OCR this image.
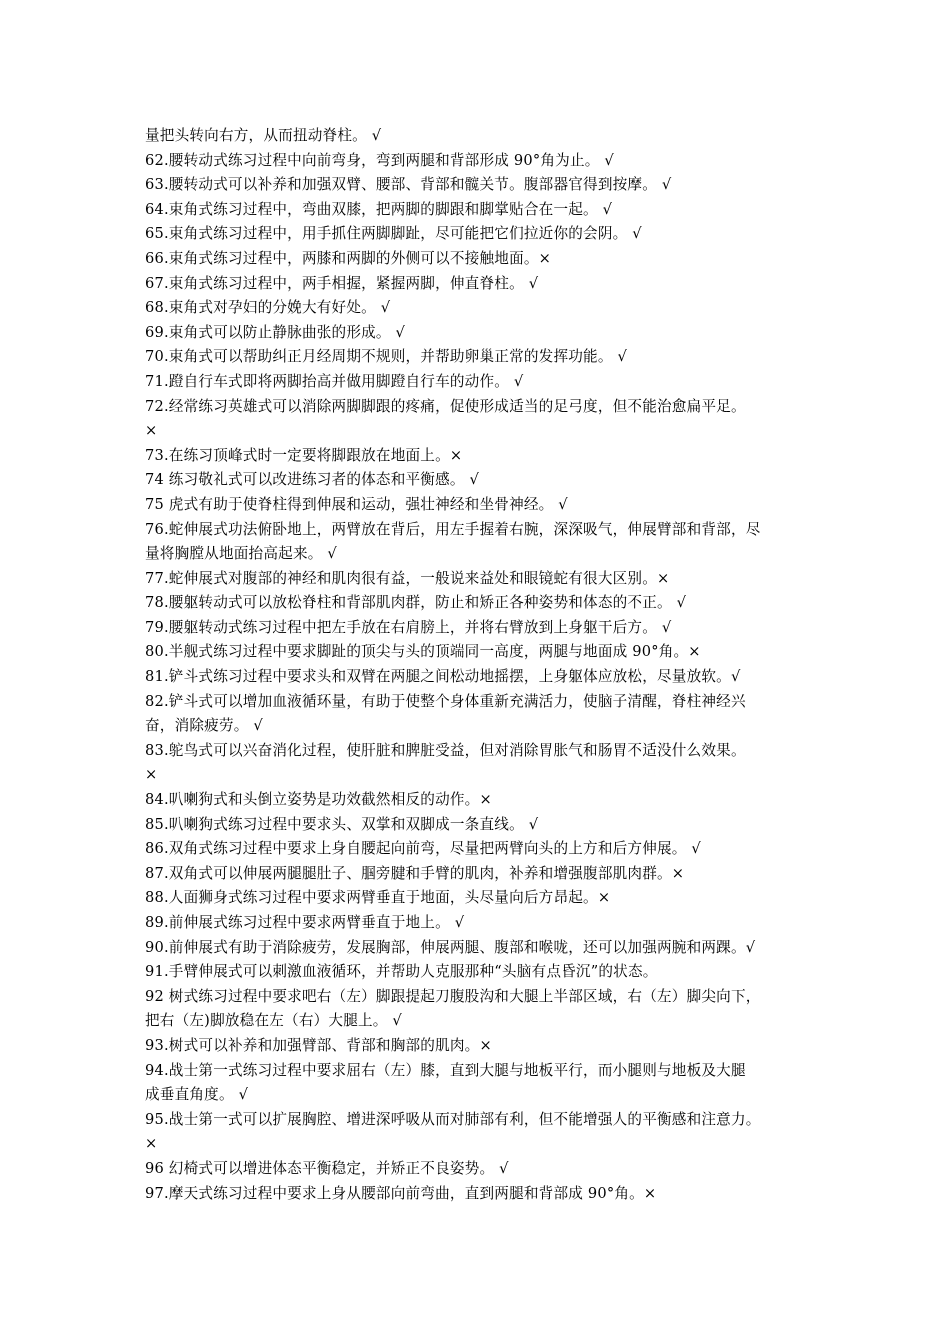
量把头转向右方，从而扭动脊柱。 √

62.腰转动式练习过程中向前弯身，弯到两腿和背部形成 90°角为止。 √

63.腰转动式可以补养和加强双臂、腰部、背部和髋关节。腹部器官得到按摩。 √

64.束角式练习过程中，弯曲双膝，把两脚的脚跟和脚掌贴合在一起。 √

65.束角式练习过程中，用手抓住两脚脚趾，尽可能把它们拉近你的会阴。 √

66.束角式练习过程中，两膝和两脚的外侧可以不接触地面。×

67.束角式练习过程中，两手相握，紧握两脚，伸直脊柱。 √

68.束角式对孕妇的分娩大有好处。 √

69.束角式可以防止静脉曲张的形成。 √

70.束角式可以帮助纠正月经周期不规则，并帮助卵巢正常的发挥功能。 √

71.蹬自行车式即将两脚抬高并做用脚蹬自行车的动作。 √

72.经常练习英雄式可以消除两脚脚跟的疼痛，促使形成适当的足弓度，但不能治愈扁平足。

×

73.在练习顶峰式时一定要将脚跟放在地面上。×

74 练习敬礼式可以改进练习者的体态和平衡感。 √

75 虎式有助于使脊柱得到伸展和运动，强壮神经和坐骨神经。 √

76.蛇伸展式功法俯卧地上，两臂放在背后，用左手握着右腕，深深吸气，伸展臂部和背部，尽

量将胸膛从地面抬高起来。 √

77.蛇伸展式对腹部的神经和肌肉很有益，一般说来益处和眼镜蛇有很大区别。×

78.腰躯转动式可以放松脊柱和背部肌肉群，防止和矫正各种姿势和体态的不正。 √

79.腰躯转动式练习过程中把左手放在右肩膀上，并将右臂放到上身躯干后方。 √

80.半舰式练习过程中要求脚趾的顶尖与头的顶端同一高度，两腿与地面成 90°角。×

81.铲斗式练习过程中要求头和双臂在两腿之间松动地摇摆，上身躯体应放松，尽量放软。√

82.铲斗式可以增加血液循环量，有助于使整个身体重新充满活力，使脑子清醒，脊柱神经兴

奋，消除疲劳。 √

83.鸵鸟式可以兴奋消化过程，使肝脏和脾脏受益，但对消除胃胀气和肠胃不适没什么效果。

×

84.叭喇狗式和头倒立姿势是功效截然相反的动作。×

85.叭喇狗式练习过程中要求头、双掌和双脚成一条直线。 √

86.双角式练习过程中要求上身自腰起向前弯，尽量把两臂向头的上方和后方伸展。 √

87.双角式可以伸展两腿腿肚子、腘旁腱和手臂的肌肉，补养和增强腹部肌肉群。×

88.人面狮身式练习过程中要求两臂垂直于地面，头尽量向后方昂起。×

89.前伸展式练习过程中要求两臂垂直于地上。 √

90.前伸展式有助于消除疲劳，发展胸部，伸展两腿、腹部和喉咙，还可以加强两腕和两踝。√

91.手臂伸展式可以刺激血液循环，并帮助人克服那种“头脑有点昏沉”的状态。

92 树式练习过程中要求吧右（左）脚跟提起刀腹股沟和大腿上半部区域，右（左）脚尖向下，

把右（左)脚放稳在左（右）大腿上。 √

93.树式可以补养和加强臂部、背部和胸部的肌肉。×

94.战士第一式练习过程中要求屈右（左）膝，直到大腿与地板平行，而小腿则与地板及大腿

成垂直角度。 √

95.战士第一式可以扩展胸腔、增进深呼吸从而对肺部有利，但不能增强人的平衡感和注意力。

×

96 幻椅式可以增进体态平衡稳定，并矫正不良姿势。 √

97.摩天式练习过程中要求上身从腰部向前弯曲，直到两腿和背部成 90°角。×
